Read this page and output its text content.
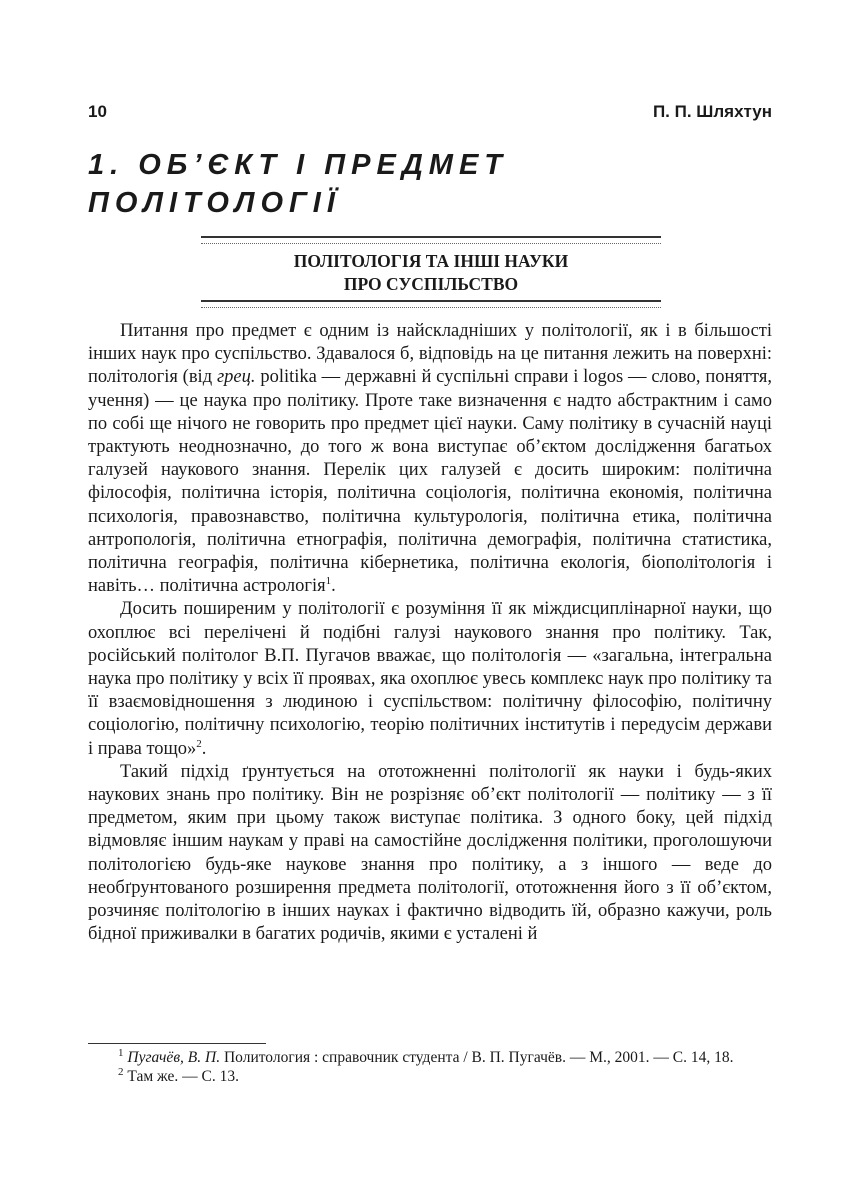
10	П. П. Шляхтун
1. ОБ’ЄКТ І ПРЕДМЕТ
ПОЛІТОЛОГІЇ
ПОЛІТОЛОГІЯ ТА ІНШІ НАУКИ
ПРО СУСПІЛЬСТВО

Питання про предмет є одним із найскладніших у політології, як і в більшості інших наук про суспільство. Здавалося б, відповідь на це питання лежить на поверхні: політологія (від грец. politika — державні й суспільні справи і logos — слово, поняття, учення) — це наука про політику. Проте таке визначення є надто абстрактним і само по собі ще нічого не говорить про предмет цієї науки. Саму політику в сучасній науці трактують неоднозначно, до того ж вона виступає об’єктом дослідження багатьох галузей наукового знання. Перелік цих галузей є досить широким: політична філософія, політична історія, політична соціологія, політична економія, політична психологія, правознавство, політична культурологія, політична етика, політична антропологія, політична етнографія, політична демографія, політична статистика, політична географія, політична кібернетика, політична екологія, біополітологія і навіть… політична астрологія$^1$.

Досить поширеним у політології є розуміння її як міждисциплінарної науки, що охоплює всі перелічені й подібні галузі наукового знання про політику. Так, російський політолог В.П. Пугачов вважає, що політологія — «загальна, інтегральна наука про політику у всіх її проявах, яка охоплює увесь комплекс наук про політику та її взаємовідношення з людиною і суспільством: політичну філософію, політичну соціологію, політичну психологію, теорію політичних інститутів і передусім держави і права тощо»$^2$.

Такий підхід ґрунтується на ототожненні політології як науки і будь-яких наукових знань про політику. Він не розрізняє об’єкт політології — політику — з її предметом, яким при цьому також виступає політика. З одного боку, цей підхід відмовляє іншим наукам у праві на самостійне дослідження політики, проголошуючи політологією будь-яке наукове знання про політику, а з іншого — веде до необґрунтованого розширення предмета політології, ототожнення його з її об’єктом, розчиняє політологію в інших науках і фактично відводить їй, образно кажучи, роль бідної приживалки в багатих родичів, якими є усталені й

$^1$ Пугачёв, В. П. Политология : справочник студента / В. П. Пугачёв. — М., 2001. — С. 14, 18.

$^2$ Там же. — С. 13.
